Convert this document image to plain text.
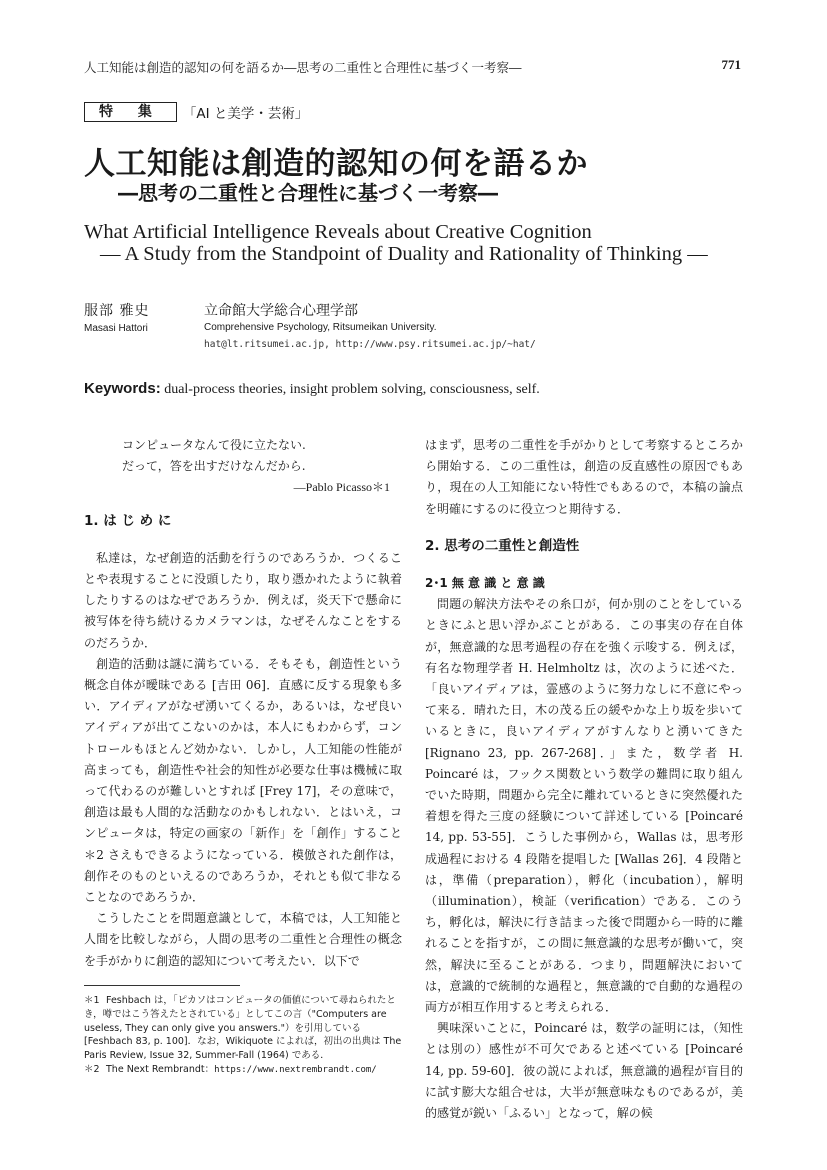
人工知能は創造的認知の何を語るか―思考の二重性と合理性に基づく一考察―	771
特 集	「AI と美学・芸術」
人工知能は創造的認知の何を語るか
―思考の二重性と合理性に基づく一考察―
What Artificial Intelligence Reveals about Creative Cognition
― A Study from the Standpoint of Duality and Rationality of Thinking ―
服部 雅史	立命館大学総合心理学部
Masasi Hattori	Comprehensive Psychology, Ritsumeikan University.
hat@lt.ritsumei.ac.jp, http://www.psy.ritsumei.ac.jp/~hat/
Keywords: dual-process theories, insight problem solving, consciousness, self.
コンピュータなんて役に立たない.
だって，答を出すだけなんだから.
―Pablo Picasso＊1
1. は じ め に

私達は，なぜ創造的活動を行うのであろうか．つくることや表現することに没頭したり，取り憑かれたように執着したりするのはなぜであろうか．例えば，炎天下で懸命に被写体を待ち続けるカメラマンは，なぜそんなことをするのだろうか．

創造的活動は謎に満ちている．そもそも，創造性という概念自体が曖昧である [吉田 06]．直感に反する現象も多い．アイディアがなぜ湧いてくるか，あるいは，なぜ良いアイディアが出てこないのかは，本人にもわからず，コントロールもほとんど効かない．しかし，人工知能の性能が高まっても，創造性や社会的知性が必要な仕事は機械に取って代わるのが難しいとすれば [Frey 17]，その意味で，創造は最も人間的な活動なのかもしれない．とはいえ，コンピュータは，特定の画家の「新作」を「創作」すること＊2 さえもできるようになっている．模倣された創作は，創作そのものといえるのであろうか，それとも似て非なることなのであろうか．

こうしたことを問題意識として，本稿では，人工知能と人間を比較しながら，人間の思考の二重性と合理性の概念を手がかりに創造的認知について考えたい．以下で

はまず，思考の二重性を手がかりとして考察するところから開始する．この二重性は，創造の反直感性の原因でもあり，現在の人工知能にない特性でもあるので，本稿の論点を明確にするのに役立つと期待する．

2. 思考の二重性と創造性
2･1 無 意 識 と 意 識

問題の解決方法やその糸口が，何か別のことをしているときにふと思い浮かぶことがある．この事実の存在自体が，無意識的な思考過程の存在を強く示唆する．例えば，有名な物理学者 H. Helmholtz は，次のように述べた．「良いアイディアは，霊感のように努力なしに不意にやって来る．晴れた日，木の茂る丘の緩やかな上り坂を歩いているときに，良いアイディアがすんなりと湧いてきた [Rignano 23, pp. 267-268]．」また，数学者 H. Poincaré は，フックス関数という数学の難問に取り組んでいた時期，問題から完全に離れているときに突然優れた着想を得た三度の経験について詳述している [Poincaré 14, pp. 53-55]．こうした事例から，Wallas は，思考形成過程における 4 段階を提唱した [Wallas 26]．4 段階とは，準備（preparation），孵化（incubation），解明（illumination），検証（verification）である．このうち，孵化は，解決に行き詰まった後で問題から一時的に離れることを指すが，この間に無意識的な思考が働いて，突然，解決に至ることがある．つまり，問題解決においては，意識的で統制的な過程と，無意識的で自動的な過程の両方が相互作用すると考えられる．

興味深いことに，Poincaré は，数学の証明には，（知性とは別の）感性が不可欠であると述べている [Poincaré 14, pp. 59-60]．彼の説によれば，無意識的過程が盲目的に試す膨大な組合せは，大半が無意味なものであるが，美的感覚が鋭い「ふるい」となって，解の候

＊1 Feshbach は，「ピカソはコンピュータの価値について尋ねられたとき，噂ではこう答えたとされている」としてこの言（"Computers are useless, They can only give you answers."）を引用している [Feshbach 83, p. 100]．なお，Wikiquote によれば，初出の出典は The Paris Review, Issue 32, Summer-Fall (1964) である．
＊2 The Next Rembrandt：https://www.nextrembrandt.com/
